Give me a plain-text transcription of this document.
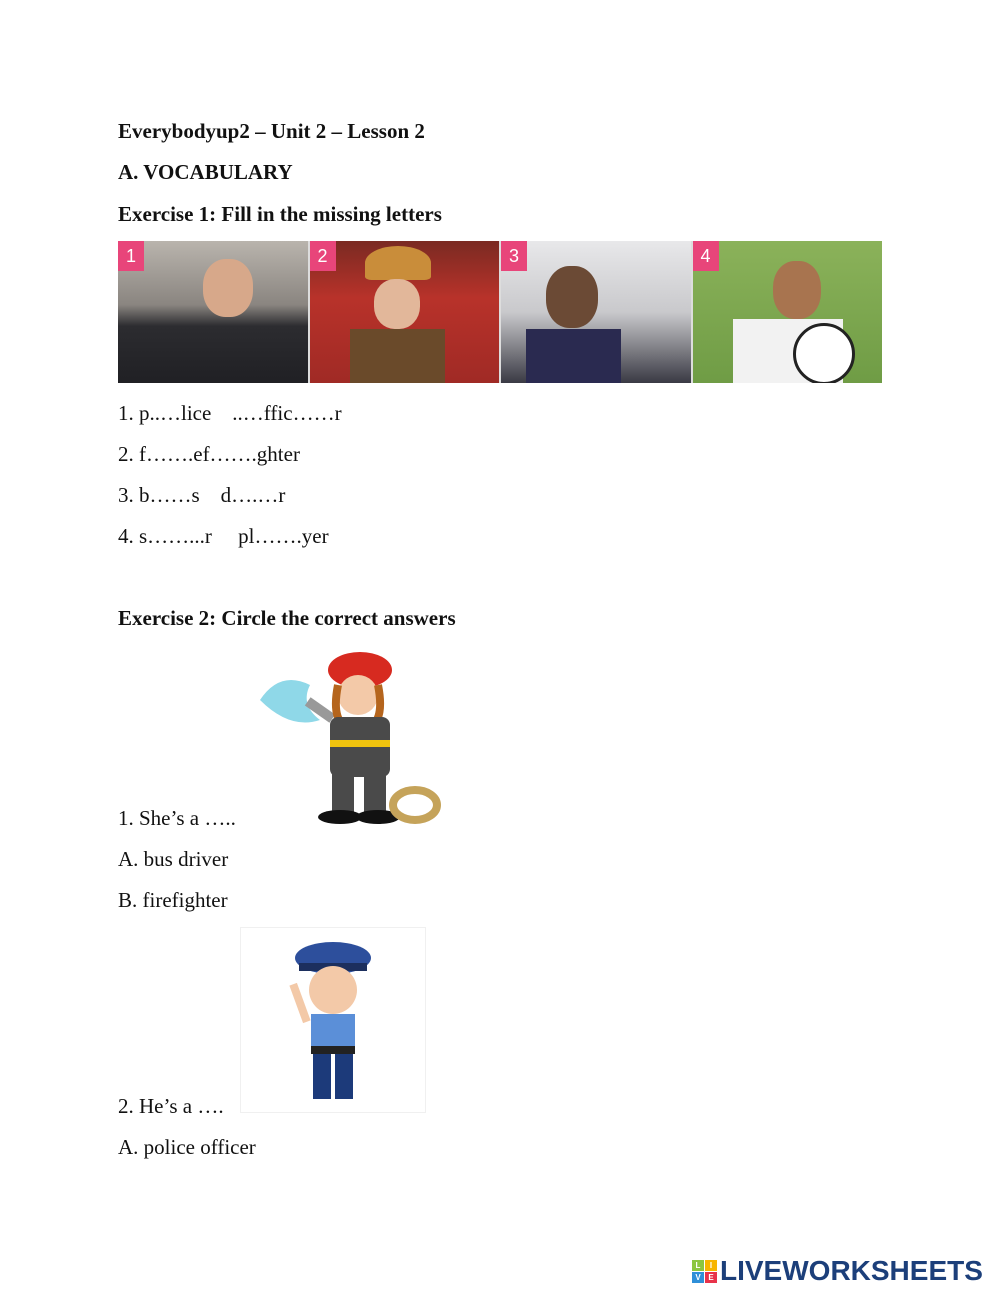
Everybodyup2 – Unit 2 – Lesson 2
A. VOCABULARY
Exercise 1: Fill in the missing letters
1	2	3	4
1. p..…lice    ..…ffic……r
2. f…….ef…….ghter
3. b……s    d….…r
4. s……...r     pl…….yer
Exercise 2: Circle the correct answers
1. She’s a …..
A. bus driver
B. firefighter
2. He’s a ….
A. police officer
L	I
V E LIVEWORKSHEETS
